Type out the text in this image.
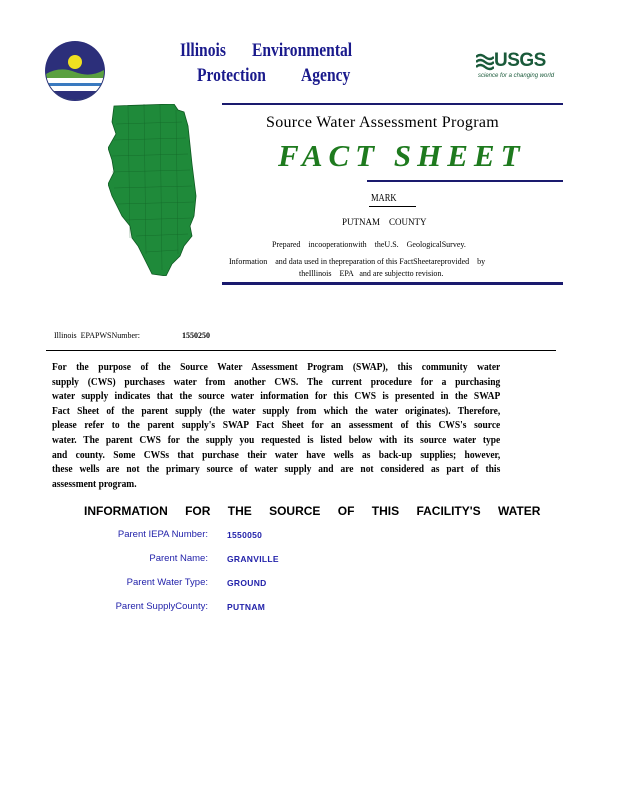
Illinois Environmental
Protection Agency
USGS
science for a changing world
Source Water Assessment Program
FACT SHEET
MARK
PUTNAM    COUNTY
Prepared    incooperationwith    theU.S.    GeologicalSurvey.
Information    and data used in thepreparation of this FactSheetareprovided    by
theIllinois    EPA   and are subjectto revision.
Illinois  EPAPWSNumber:	1550250

For the purpose of the Source Water Assessment Program (SWAP), this community water

supply (CWS) purchases water from another CWS. The current procedure for a purchasing

water supply indicates that the source water information for this CWS is presented in the SWAP

Fact Sheet of the parent supply (the water supply from which the water originates). Therefore,

please refer to the parent supply's SWAP Fact Sheet for an assessment of this CWS's source

water. The parent CWS for the supply you requested is listed below with its source water type

and county. Some CWSs that purchase their water have wells as back-up supplies; however,

these wells are not the primary source of water supply and are not considered as part of this

assessment program.

INFORMATION FOR THE SOURCE OF THIS FACILITY'S WATER
Parent IEPA Number: 1550050
Parent Name: GRANVILLE
Parent Water Type: GROUND
Parent SupplyCounty: PUTNAM
